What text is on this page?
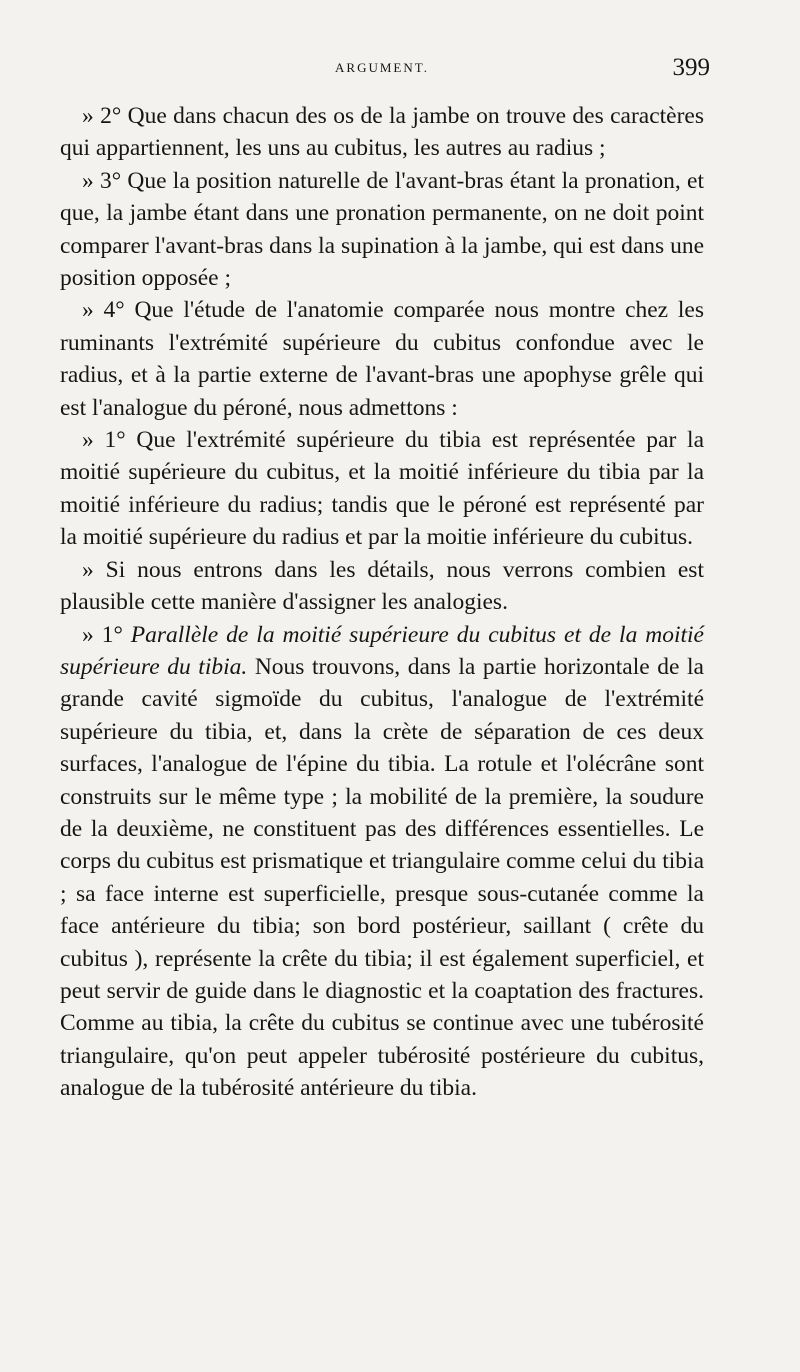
ARGUMENT.	399

» 2° Que dans chacun des os de la jambe on trouve des caractères qui appartiennent, les uns au cubitus, les autres au radius ;

» 3° Que la position naturelle de l'avant-bras étant la pronation, et que, la jambe étant dans une pronation permanente, on ne doit point comparer l'avant-bras dans la supination à la jambe, qui est dans une position opposée ;

» 4° Que l'étude de l'anatomie comparée nous montre chez les ruminants l'extrémité supérieure du cubitus confondue avec le radius, et à la partie externe de l'avant-bras une apophyse grêle qui est l'analogue du péroné, nous admettons :

» 1° Que l'extrémité supérieure du tibia est représentée par la moitié supérieure du cubitus, et la moitié inférieure du tibia par la moitié inférieure du radius; tandis que le péroné est représenté par la moitié supérieure du radius et par la moitie inférieure du cubitus.

» Si nous entrons dans les détails, nous verrons combien est plausible cette manière d'assigner les analogies.

» 1° Parallèle de la moitié supérieure du cubitus et de la moitié supérieure du tibia. Nous trouvons, dans la partie horizontale de la grande cavité sigmoïde du cubitus, l'analogue de l'extrémité supérieure du tibia, et, dans la crète de séparation de ces deux surfaces, l'analogue de l'épine du tibia. La rotule et l'olécrâne sont construits sur le même type ; la mobilité de la première, la soudure de la deuxième, ne constituent pas des différences essentielles. Le corps du cubitus est prismatique et triangulaire comme celui du tibia ; sa face interne est superficielle, presque sous-cutanée comme la face antérieure du tibia; son bord postérieur, saillant ( crête du cubitus ), représente la crête du tibia; il est également superficiel, et peut servir de guide dans le diagnostic et la coaptation des fractures. Comme au tibia, la crête du cubitus se continue avec une tubérosité triangulaire, qu'on peut appeler tubérosité postérieure du cubitus, analogue de la tubérosité antérieure du tibia.
